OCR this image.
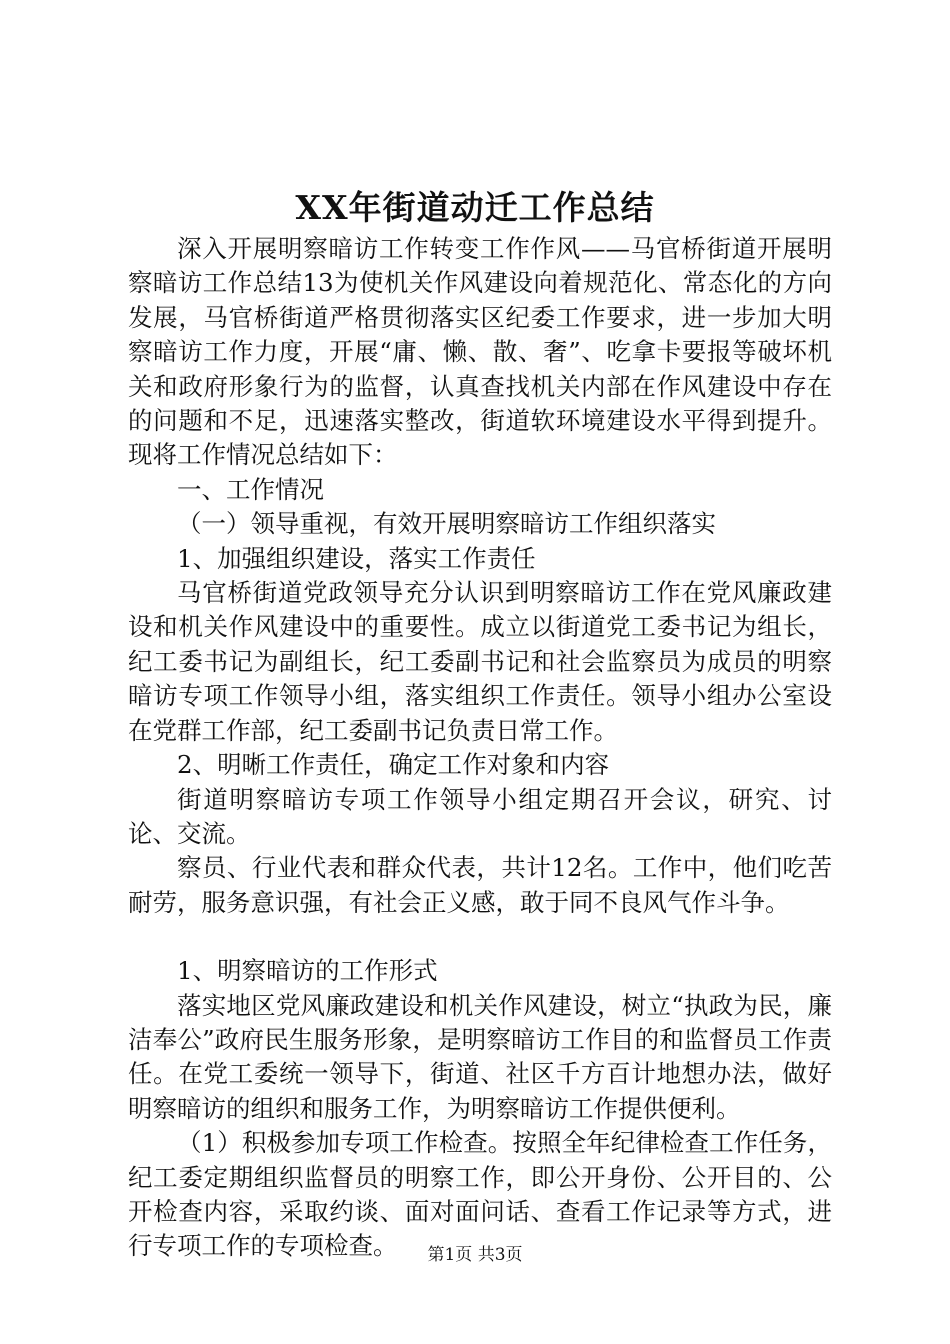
XX年街道动迁工作总结

深入开展明察暗访工作转变工作作风——马官桥街道开展明察暗访工作总结13为使机关作风建设向着规范化、常态化的方向发展，马官桥街道严格贯彻落实区纪委工作要求，进一步加大明察暗访工作力度，开展“庸、懒、散、奢”、吃拿卡要报等破坏机关和政府形象行为的监督，认真查找机关内部在作风建设中存在的问题和不足，迅速落实整改，街道软环境建设水平得到提升。现将工作情况总结如下：

一、工作情况

（一）领导重视，有效开展明察暗访工作组织落实

1、加强组织建设，落实工作责任

马官桥街道党政领导充分认识到明察暗访工作在党风廉政建设和机关作风建设中的重要性。成立以街道党工委书记为组长，纪工委书记为副组长，纪工委副书记和社会监察员为成员的明察暗访专项工作领导小组，落实组织工作责任。领导小组办公室设在党群工作部，纪工委副书记负责日常工作。

2、明晰工作责任，确定工作对象和内容

街道明察暗访专项工作领导小组定期召开会议，研究、讨论、交流。

察员、行业代表和群众代表，共计12名。工作中，他们吃苦耐劳，服务意识强，有社会正义感，敢于同不良风气作斗争。

1、明察暗访的工作形式

落实地区党风廉政建设和机关作风建设，树立“执政为民，廉洁奉公”政府民生服务形象，是明察暗访工作目的和监督员工作责任。在党工委统一领导下，街道、社区千方百计地想办法，做好明察暗访的组织和服务工作，为明察暗访工作提供便利。

（1）积极参加专项工作检查。按照全年纪律检查工作任务，纪工委定期组织监督员的明察工作，即公开身份、公开目的、公开检查内容，采取约谈、面对面问话、查看工作记录等方式，进行专项工作的专项检查。	第1页 共3页
